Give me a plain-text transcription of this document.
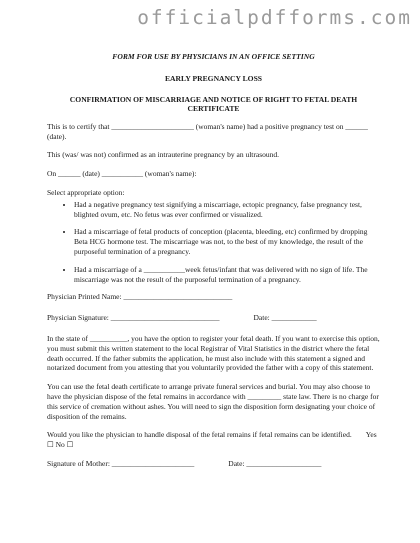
officialpdfforms.com
FORM FOR USE BY PHYSICIANS IN AN OFFICE SETTING
EARLY PREGNANCY LOSS
CONFIRMATION OF MISCARRIAGE AND NOTICE OF RIGHT TO FETAL DEATH CERTIFICATE

This is to certify that ______________________ (woman's name) had a positive pregnancy test on ______ (date).

This (was/ was not) confirmed as an intrauterine pregnancy by an ultrasound.

On ______ (date) ___________ (woman's name):

Select appropriate option:

• Had a negative pregnancy test signifying a miscarriage, ectopic pregnancy, false pregnancy test, blighted ovum, etc. No fetus was ever confirmed or visualized.
• Had a miscarriage of fetal products of conception (placenta, bleeding, etc) confirmed by dropping Beta HCG hormone test. The miscarriage was not, to the best of my knowledge, the result of the purposeful termination of a pregnancy.
• Had a miscarriage of a ___________week fetus/infant that was delivered with no sign of life. The miscarriage was not the result of the purposeful termination of a pregnancy.

Physician Printed Name: _____________________________

Physician Signature: _____________________________	Date: ____________

In the state of __________, you have the option to register your fetal death. If you want to exercise this option, you must submit this written statement to the local Registrar of Vital Statistics in the district where the fetal death occurred. If the father submits the application, he must also include with this statement a signed and notarized document from you attesting that you voluntarily provided the father with a copy of this statement.

You can use the fetal death certificate to arrange private funeral services and burial. You may also choose to have the physician dispose of the fetal remains in accordance with _________ state law. There is no charge for this service of cremation without ashes. You will need to sign the disposition form designating your choice of disposition of the remains.

Would you like the physician to handle disposal of the fetal remains if fetal remains can be identified. Yes ☐ No ☐

Signature of Mother: ______________________	Date: ____________________
